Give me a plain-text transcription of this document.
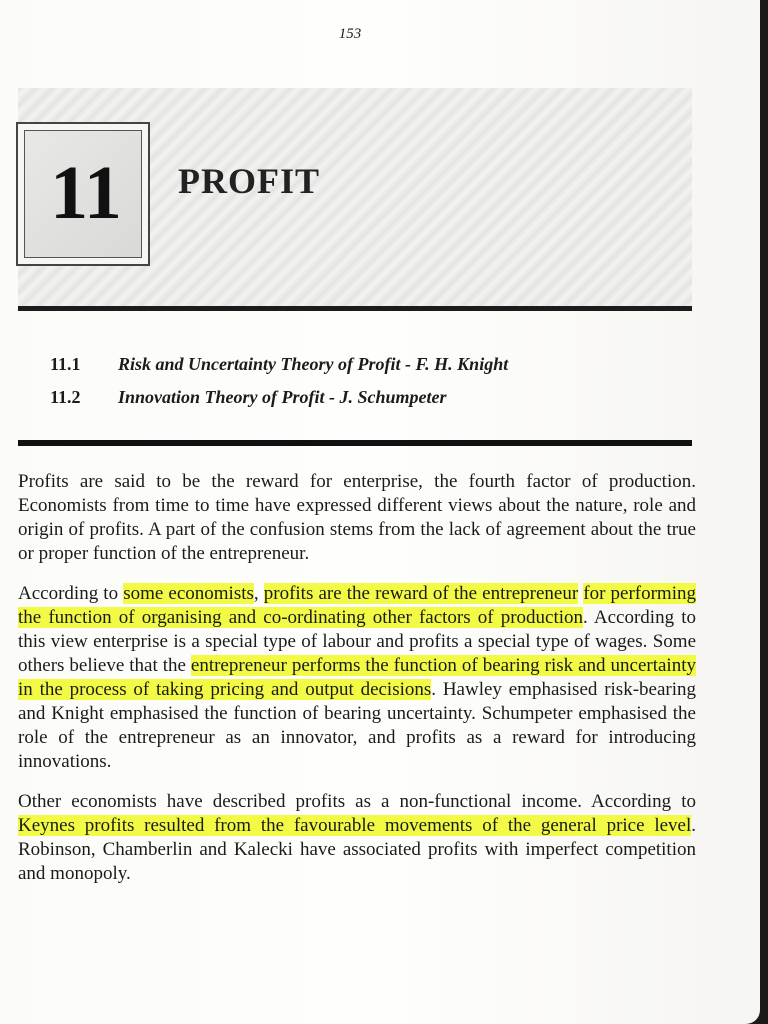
153
11	PROFIT
11.1	Risk and Uncertainty Theory of Profit - F. H. Knight
11.2	Innovation Theory of Profit - J. Schumpeter

Profits are said to be the reward for enterprise, the fourth factor of production. Economists from time to time have expressed different views about the nature, role and origin of profits. A part of the confusion stems from the lack of agreement about the true or proper function of the entrepreneur.

According to some economists, profits are the reward of the entrepreneur for performing the function of organising and co-ordinating other factors of production. According to this view enterprise is a special type of labour and profits a special type of wages. Some others believe that the entrepreneur performs the function of bearing risk and uncertainty in the process of taking pricing and output decisions. Hawley emphasised risk-bearing and Knight emphasised the function of bearing uncertainty. Schumpeter emphasised the role of the entrepreneur as an innovator, and profits as a reward for introducing innovations.

Other economists have described profits as a non-functional income. According to Keynes profits resulted from the favourable movements of the general price level. Robinson, Chamberlin and Kalecki have associated profits with imperfect competition and monopoly.
